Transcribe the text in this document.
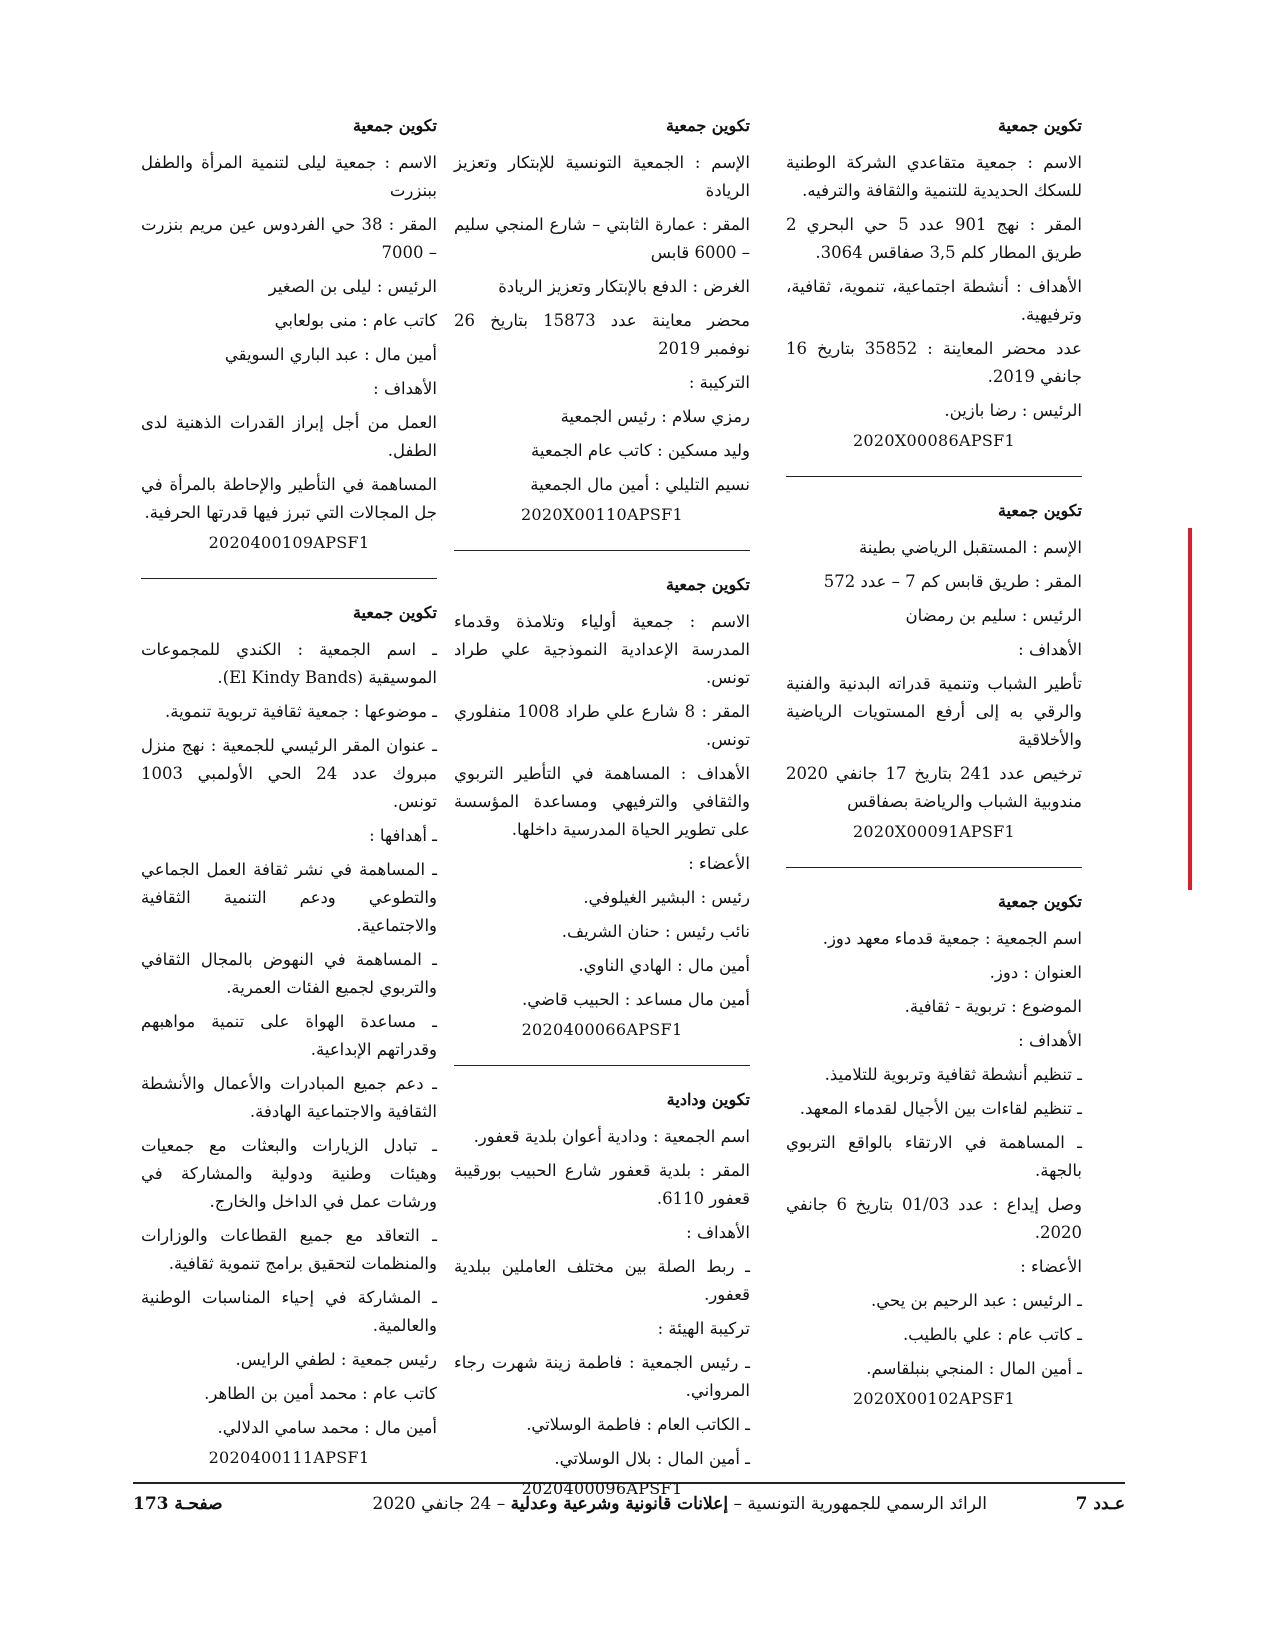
تكوين جمعية
الاسم : جمعية متقاعدي الشركة الوطنية للسكك الحديدية للتنمية والثقافة والترفيه.
المقر : نهج 901 عدد 5 حي البحري 2 طريق المطار كلم 3,5 صفاقس 3064.
الأهداف : أنشطة اجتماعية، تنموية، ثقافية، وترفيهية.
عدد محضر المعاينة : 35852 بتاريخ 16 جانفي 2019.
الرئيس : رضا بازين.
2020X00086APSF1
تكوين جمعية
الإسم : المستقبل الرياضي بطينة
المقر : طريق قابس كم 7 – عدد 572
الرئيس : سليم بن رمضان
الأهداف :
تأطير الشباب وتنمية قدراته البدنية والفنية والرقي به إلى أرفع المستويات الرياضية والأخلاقية
ترخيص عدد 241 بتاريخ 17 جانفي 2020 مندوبية الشباب والرياضة بصفاقس
2020X00091APSF1
تكوين جمعية
اسم الجمعية : جمعية قدماء معهد دوز.
العنوان : دوز.
الموضوع : تربوية - ثقافية.
الأهداف :
ـ تنظيم أنشطة ثقافية وتربوية للتلاميذ.
ـ تنظيم لقاءات بين الأجيال لقدماء المعهد.
ـ المساهمة في الارتقاء بالواقع التربوي بالجهة.
وصل إيداع : عدد 01/03 بتاريخ 6 جانفي 2020.
الأعضاء :
ـ الرئيس : عبد الرحيم بن يحي.
ـ كاتب عام : علي بالطيب.
ـ أمين المال : المنجي بنبلقاسم.
2020X00102APSF1
تكوين جمعية
الإسم : الجمعية التونسية للإبتكار وتعزيز الريادة
المقر : عمارة الثابتي – شارع المنجي سليم – 6000 قابس
الغرض : الدفع بالإبتكار وتعزيز الريادة
محضر معاينة عدد 15873 بتاريخ 26 نوفمبر 2019
التركيبة :
رمزي سلام : رئيس الجمعية
وليد مسكين : كاتب عام الجمعية
نسيم التليلي : أمين مال الجمعية
2020X00110APSF1
تكوين جمعية
الاسم : جمعية أولياء وتلامذة وقدماء المدرسة الإعدادية النموذجية علي طراد تونس.
المقر : 8 شارع علي طراد 1008 منفلوري تونس.
الأهداف : المساهمة في التأطير التربوي والثقافي والترفيهي ومساعدة المؤسسة على تطوير الحياة المدرسية داخلها.
الأعضاء :
رئيس : البشير الغيلوفي.
نائب رئيس : حنان الشريف.
أمين مال : الهادي الناوي.
أمين مال مساعد : الحبيب قاضي.
2020400066APSF1
تكوين ودادية
اسم الجمعية : ودادية أعوان بلدية قعفور.
المقر : بلدية قعفور شارع الحبيب بورقيبة قعفور 6110.
الأهداف :
ـ ربط الصلة بين مختلف العاملين ببلدية قعفور.
تركيبة الهيئة :
ـ رئيس الجمعية : فاطمة زينة شهرت رجاء المرواني.
ـ الكاتب العام : فاطمة الوسلاتي.
ـ أمين المال : بلال الوسلاتي.
2020400096APSF1
تكوين جمعية
الاسم : جمعية ليلى لتنمية المرأة والطفل ببنزرت
المقر : 38 حي الفردوس عين مريم بنزرت – 7000
الرئيس : ليلى بن الصغير
كاتب عام : منى بولعابي
أمين مال : عبد الباري السويقي
الأهداف :
العمل من أجل إبراز القدرات الذهنية لدى الطفل.
المساهمة في التأطير والإحاطة بالمرأة في جل المجالات التي تبرز فيها قدرتها الحرفية.
2020400109APSF1
تكوين جمعية
ـ اسم الجمعية : الكندي للمجموعات الموسيقية (El Kindy Bands).
ـ موضوعها : جمعية ثقافية تربوية تنموية.
ـ عنوان المقر الرئيسي للجمعية : نهج منزل مبروك عدد 24 الحي الأولمبي 1003 تونس.
ـ أهدافها :
ـ المساهمة في نشر ثقافة العمل الجماعي والتطوعي ودعم التنمية الثقافية والاجتماعية.
ـ المساهمة في النهوض بالمجال الثقافي والتربوي لجميع الفئات العمرية.
ـ مساعدة الهواة على تنمية مواهبهم وقدراتهم الإبداعية.
ـ دعم جميع المبادرات والأعمال والأنشطة الثقافية والاجتماعية الهادفة.
ـ تبادل الزيارات والبعثات مع جمعيات وهيئات وطنية ودولية والمشاركة في ورشات عمل في الداخل والخارج.
ـ التعاقد مع جميع القطاعات والوزارات والمنظمات لتحقيق برامج تنموية ثقافية.
ـ المشاركة في إحياء المناسبات الوطنية والعالمية.
رئيس جمعية : لطفي الرايس.
كاتب عام : محمد أمين بن الطاهر.
أمين مال : محمد سامي الدلالي.
2020400111APSF1
عـدد 7
الرائد الرسمي للجمهورية التونسية – إعلانات قانونية وشرعية وعدلية – 24 جانفي 2020
صفحـة 173
